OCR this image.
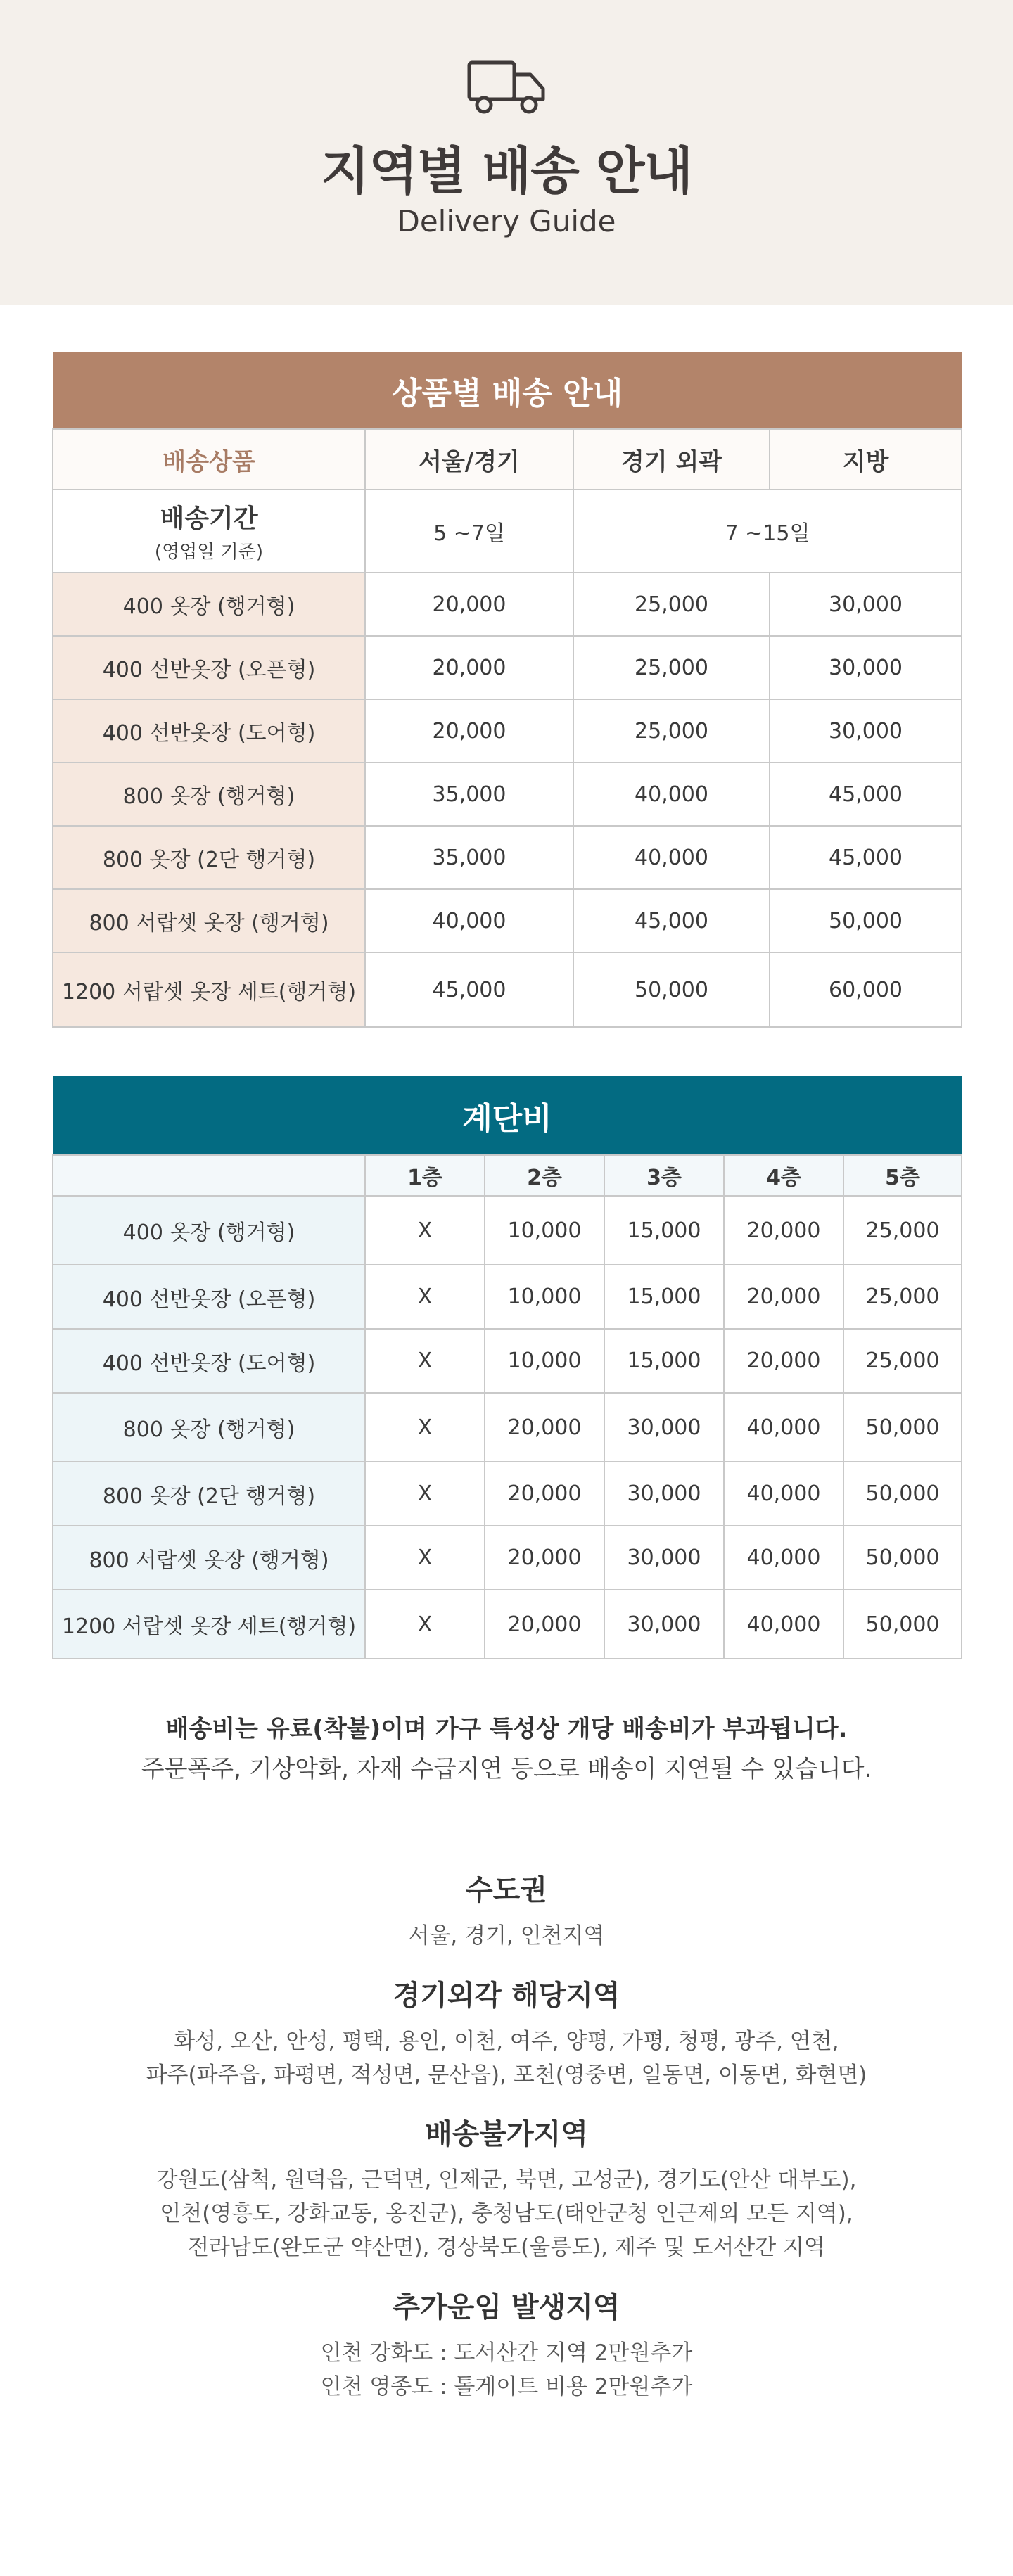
지역별 배송 안내
Delivery Guide
상품별 배송 안내			
배송상품	서울/경기	경기 외곽	지방

배송기간
(영업일 기준)	5 ~7일	7 ~15일	
400 옷장 (행거형)	20,000	25,000	30,000
400 선반옷장 (오픈형)	20,000	25,000	30,000
400 선반옷장 (도어형)	20,000	25,000	30,000
800 옷장 (행거형)	35,000	40,000	45,000
800 옷장 (2단 행거형)	35,000	40,000	45,000
800 서랍셋 옷장 (행거형)	40,000	45,000	50,000
1200 서랍셋 옷장 세트(행거형)	45,000	50,000	60,000
계단비					
	1층	2층	3층	4층	5층
400 옷장 (행거형)	X	10,000	15,000	20,000	25,000
400 선반옷장 (오픈형)	X	10,000	15,000	20,000	25,000
400 선반옷장 (도어형)	X	10,000	15,000	20,000	25,000
800 옷장 (행거형)	X	20,000	30,000	40,000	50,000
800 옷장 (2단 행거형)	X	20,000	30,000	40,000	50,000
800 서랍셋 옷장 (행거형)	X	20,000	30,000	40,000	50,000
1200 서랍셋 옷장 세트(행거형)	X	20,000	30,000	40,000	50,000
배송비는 유료(착불)이며 가구 특성상 개당 배송비가 부과됩니다.
주문폭주, 기상악화, 자재 수급지연 등으로 배송이 지연될 수 있습니다.
수도권

서울, 경기, 인천지역

경기외각 해당지역

화성, 오산, 안성, 평택, 용인, 이천, 여주, 양평, 가평, 청평, 광주, 연천,

파주(파주읍, 파평면, 적성면, 문산읍), 포천(영중면, 일동면, 이동면, 화현면)

배송불가지역

강원도(삼척, 원덕읍, 근덕면, 인제군, 북면, 고성군), 경기도(안산 대부도),

인천(영흥도, 강화교동, 옹진군), 충청남도(태안군청 인근제외 모든 지역),

전라남도(완도군 약산면), 경상북도(울릉도), 제주 및 도서산간 지역

추가운임 발생지역

인천 강화도 : 도서산간 지역 2만원추가

인천 영종도 : 톨게이트 비용 2만원추가
